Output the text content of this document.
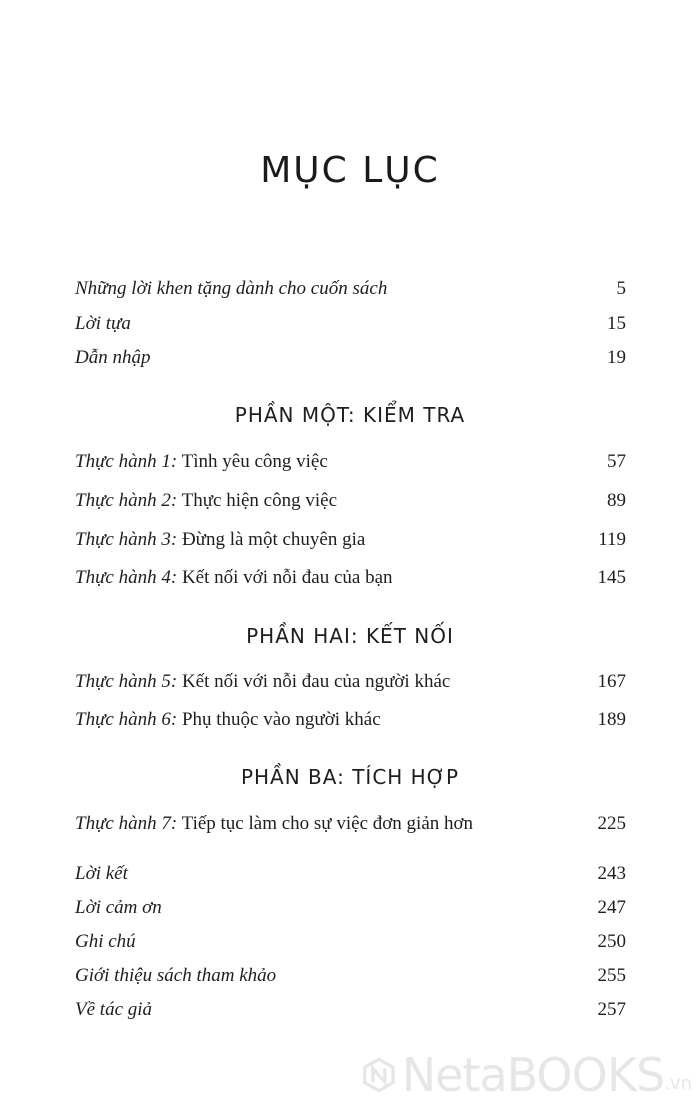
MỤC LỤC
Những lời khen tặng dành cho cuốn sách	5
Lời tựa	15
Dẫn nhập	19
PHẦN MỘT: KIỂM TRA
Thực hành 1: Tình yêu công việc	57
Thực hành 2: Thực hiện công việc	89
Thực hành 3: Đừng là một chuyên gia	119
Thực hành 4: Kết nối với nỗi đau của bạn	145
PHẦN HAI: KẾT NỐI
Thực hành 5: Kết nối với nỗi đau của người khác	167
Thực hành 6: Phụ thuộc vào người khác	189
PHẦN BA: TÍCH HỢP
Thực hành 7: Tiếp tục làm cho sự việc đơn giản hơn	225
Lời kết	243
Lời cảm ơn	247
Ghi chú	250
Giới thiệu sách tham khảo	255
Về tác giả	257
NetaBOOKS .vn
